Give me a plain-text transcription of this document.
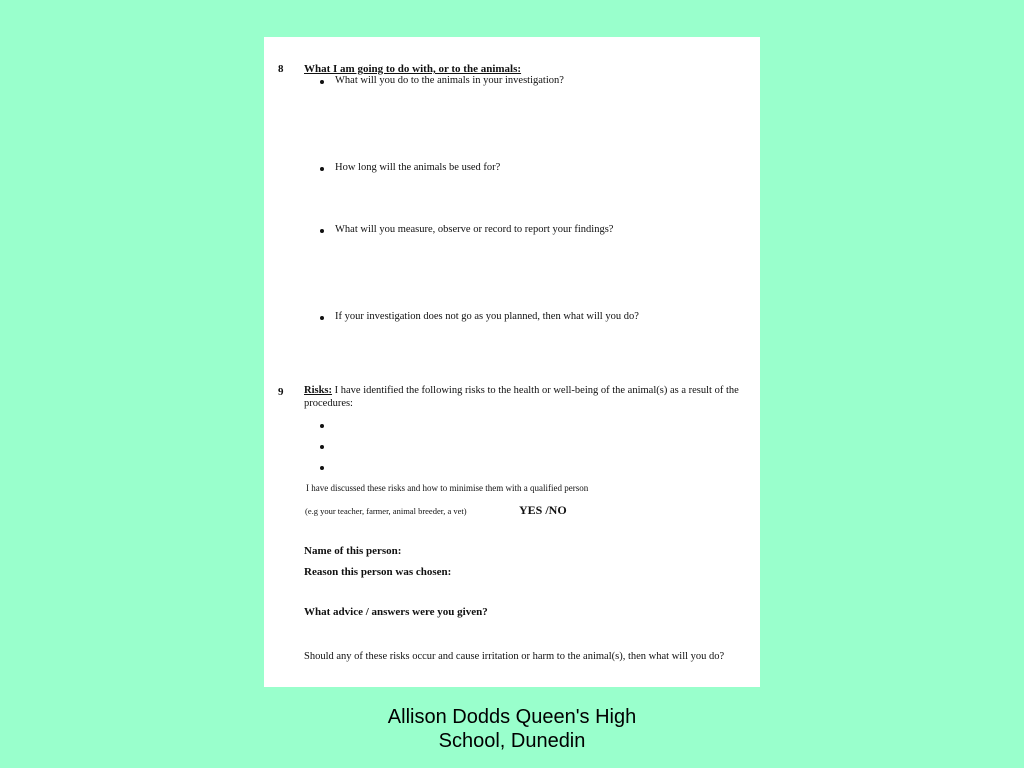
8 What I am going to do with, or to the animals:
What will you do to the animals in your investigation?
How long will the animals be used for?
What will you measure, observe or record to report your findings?
If your investigation does not go as you planned, then what will you do?
9 Risks: I have identified the following risks to the health or well-being of the animal(s) as a result of the
procedures:
I have discussed these risks and how to minimise them with a qualified person
(e.g your teacher, farmer, animal breeder, a vet)	YES /NO
Name of this person:
Reason this person was chosen:
What advice / answers were you given?
Should any of these risks occur and cause irritation or harm to the animal(s), then what will you do?
Allison Dodds Queen's High
School, Dunedin
